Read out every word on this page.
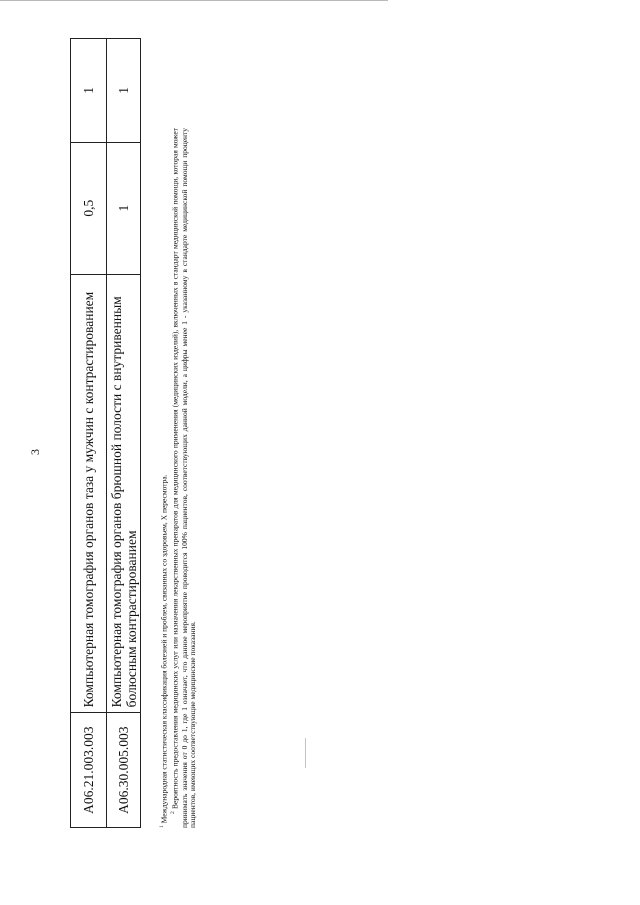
3
A06.21.003.003	Компьютерная томография органов таза у мужчин с контрастированием	0,5	1
A06.30.005.003	Компьютерная томография органов брюшной полости с внутривенным болюсным контрастированием	1	1

$^1$ Международная статистическая классификация болезней и проблем, связанных со здоровьем, X пересмотра. $^2$ Вероятность предоставления медицинских услуг или назначения лекарственных препаратов для медицинского применения (медицинских изделий), включенных в стандарт медицинской помощи, которая может принимать значения от 0 до 1, где 1 означает, что данное мероприятие проводится 100% пациентов, соответствующих данной модели, а цифры менее 1 - указанному в стандарте медицинской помощи проценту пациентов, имеющих соответствующие медицинские показания.
